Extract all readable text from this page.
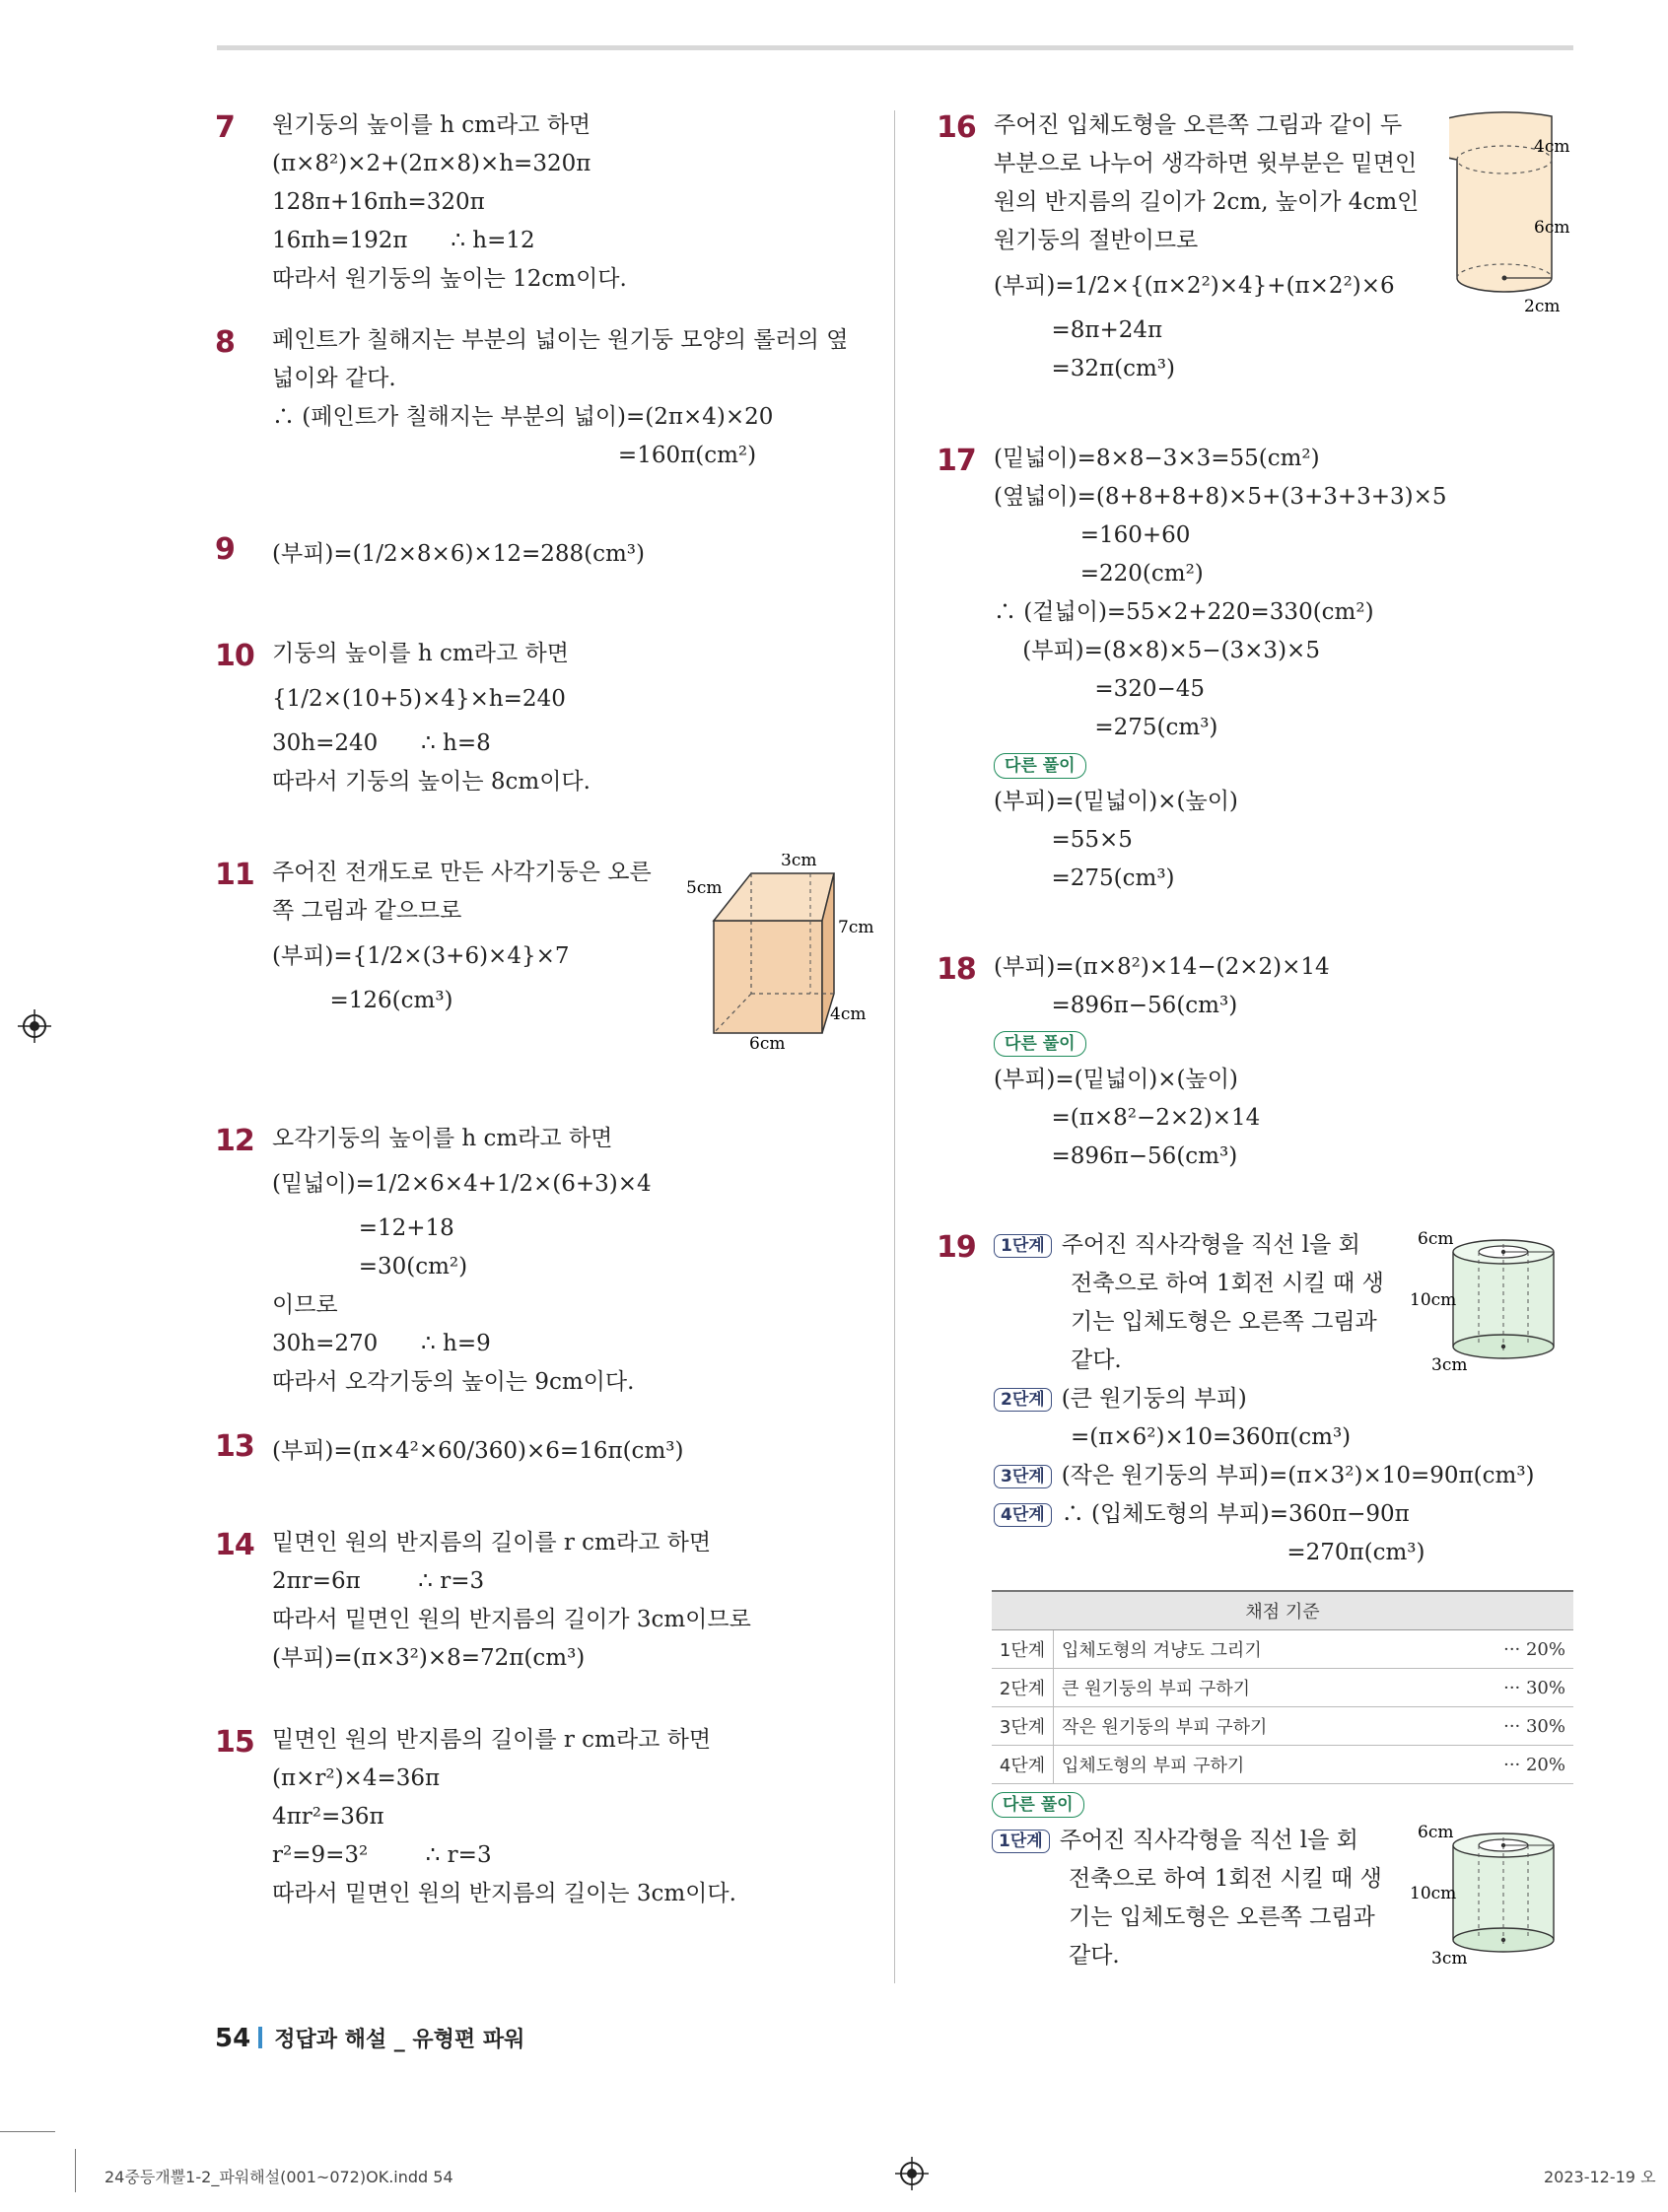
7	원기둥의 높이를 h cm라고 하면
(π×8²)×2+(2π×8)×h=320π
128π+16πh=320π
16πh=192π      ∴ h=12
따라서 원기둥의 높이는 12cm이다.
8	페인트가 칠해지는 부분의 넓이는 원기둥 모양의 롤러의 옆
넓이와 같다.
∴ (페인트가 칠해지는 부분의 넓이)=(2π×4)×20
=160π(cm²)
9	(부피)=(1/2×8×6)×12=288(cm³)
10 기둥의 높이를 h cm라고 하면
{1/2×(10+5)×4}×h=240
30h=240      ∴ h=8
따라서 기둥의 높이는 8cm이다.
11 주어진 전개도로 만든 사각기둥은 오른
쪽 그림과 같으므로
(부피)={1/2×(3+6)×4}×7
=126(cm³)
3cm
5cm
7cm
4cm
6cm
12 오각기둥의 높이를 h cm라고 하면
(밑넓이)=1/2×6×4+1/2×(6+3)×4
=12+18
=30(cm²)
이므로
30h=270      ∴ h=9
따라서 오각기둥의 높이는 9cm이다.
13 (부피)=(π×4²×60/360)×6=16π(cm³)
14 밑면인 원의 반지름의 길이를 r cm라고 하면
2πr=6π        ∴ r=3
따라서 밑면인 원의 반지름의 길이가 3cm이므로
(부피)=(π×3²)×8=72π(cm³)
15 밑면인 원의 반지름의 길이를 r cm라고 하면
(π×r²)×4=36π
4πr²=36π
r²=9=3²        ∴ r=3
따라서 밑면인 원의 반지름의 길이는 3cm이다.
16 주어진 입체도형을 오른쪽 그림과 같이 두
부분으로 나누어 생각하면 윗부분은 밑면인
원의 반지름의 길이가 2cm, 높이가 4cm인
원기둥의 절반이므로
(부피)=1/2×{(π×2²)×4}+(π×2²)×6
=8π+24π
=32π(cm³)
4cm
6cm
2cm
17 (밑넓이)=8×8−3×3=55(cm²)
(옆넓이)=(8+8+8+8)×5+(3+3+3+3)×5
=160+60
=220(cm²)
∴ (겉넓이)=55×2+220=330(cm²)
(부피)=(8×8)×5−(3×3)×5
=320−45
=275(cm³)
다른 풀이
(부피)=(밑넓이)×(높이)
=55×5
=275(cm³)
18 (부피)=(π×8²)×14−(2×2)×14
=896π−56(cm³)
다른 풀이
(부피)=(밑넓이)×(높이)
=(π×8²−2×2)×14
=896π−56(cm³)
19	1단계 주어진 직사각형을 직선 l을 회
전축으로 하여 1회전 시킬 때 생
기는 입체도형은 오른쪽 그림과
같다.
2단계 (큰 원기둥의 부피)
=(π×6²)×10=360π(cm³)
3단계 (작은 원기둥의 부피)=(π×3²)×10=90π(cm³)
4단계 ∴ (입체도형의 부피)=360π−90π
=270π(cm³)
6cm
10cm
3cm
채점 기준		
1단계	입체도형의 겨냥도 그리기	··· 20%
2단계	큰 원기둥의 부피 구하기	··· 30%
3단계	작은 원기둥의 부피 구하기	··· 30%
4단계	입체도형의 부피 구하기	··· 20%
다른 풀이
1단계 주어진 직사각형을 직선 l을 회
전축으로 하여 1회전 시킬 때 생
기는 입체도형은 오른쪽 그림과
같다.
6cm
10cm
3cm
54 정답과 해설 _ 유형편 파워
24중등개뿔1-2_파워해설(001~072)OK.indd 54	2023-12-19 오
